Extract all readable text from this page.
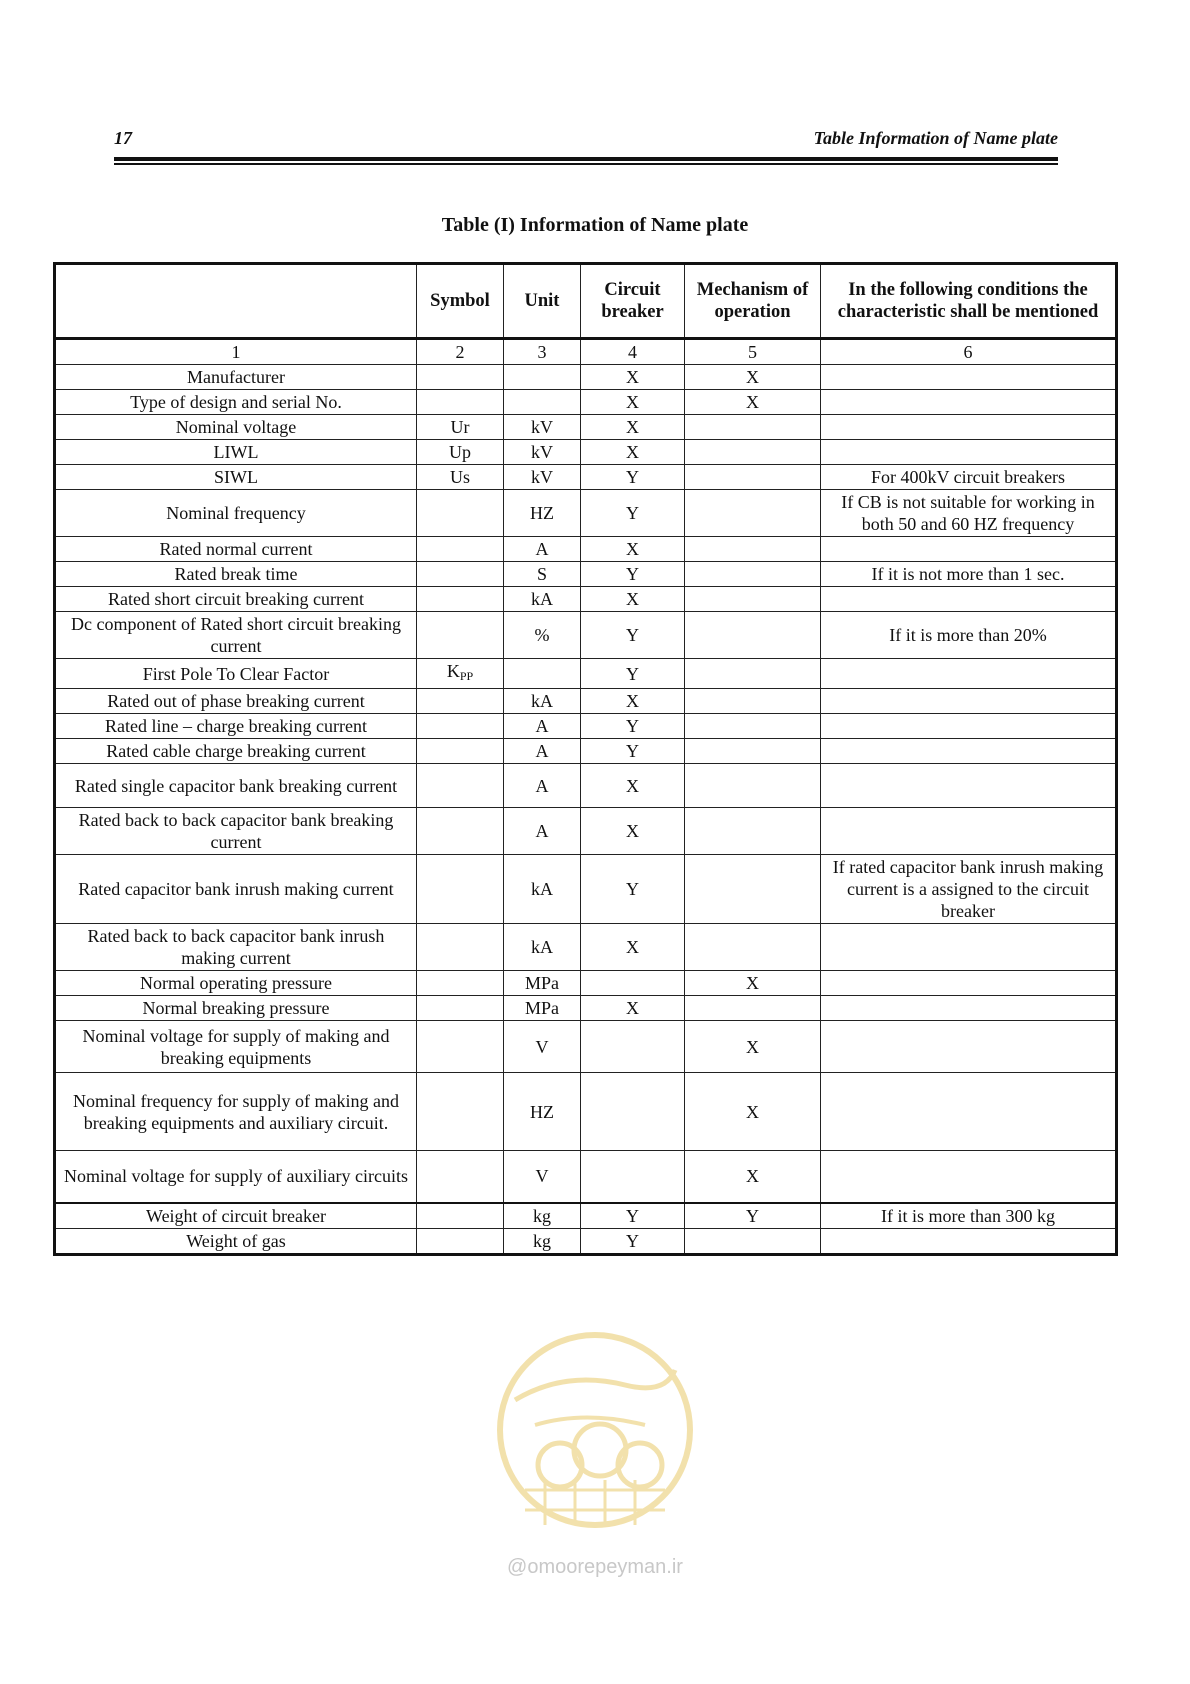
17	Table Information of Name plate
Table (I) Information of Name plate
	Symbol	Unit	Circuit breaker	Mechanism of operation	In the following conditions the characteristic shall be mentioned
1	2	3	4	5	6
Manufacturer			X	X	
Type of design and serial No.			X	X	
Nominal voltage	Ur	kV	X		
LIWL	Up	kV	X		
SIWL	Us	kV	Y		For 400kV circuit breakers
Nominal frequency		HZ	Y		If CB is not suitable for working in both 50 and 60 HZ frequency
Rated normal current		A	X		
Rated break time		S	Y		If it is not more than 1 sec.
Rated short circuit breaking current		kA	X		
Dc component of Rated short circuit breaking current		%	Y		If it is more than 20%
First Pole To Clear Factor	$K_{PP}$		Y		
Rated out of phase breaking current		kA	X		
Rated line – charge breaking current		A	Y		
Rated cable charge breaking current		A	Y		
Rated single capacitor bank breaking current		A	X		
Rated back to back capacitor bank breaking current		A	X		
Rated capacitor bank inrush making current		kA	Y		If rated capacitor bank inrush making current is a assigned to the circuit breaker
Rated back to back capacitor bank inrush making current		kA	X		
Normal operating pressure		MPa		X	
Normal breaking pressure		MPa	X		
Nominal voltage for supply of making and breaking equipments		V		X	
Nominal frequency for supply of making and breaking equipments and auxiliary circuit.		HZ		X	
Nominal voltage for supply of auxiliary circuits		V		X	
Weight of circuit breaker		kg	Y	Y	If it is more than 300 kg
Weight of gas		kg	Y		
@omoorepeyman.ir
